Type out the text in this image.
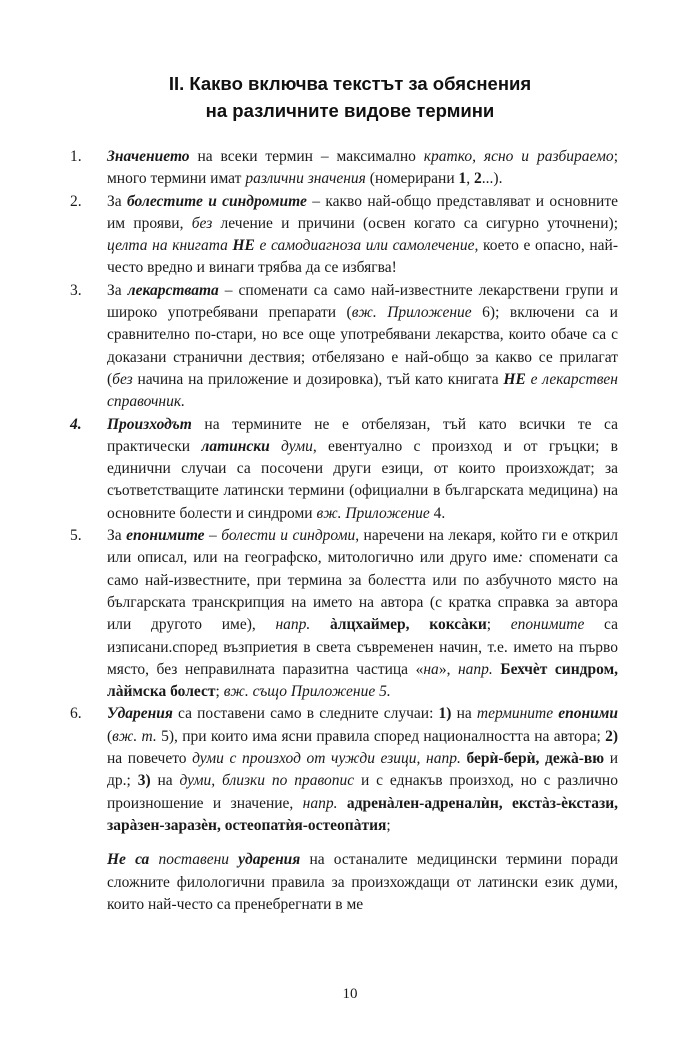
II. Какво включва текстът за обяснения
на различните видове термини
1.	Значението на всеки термин – максимално кратко, ясно и разбираемо; много термини имат различни значения (номерирани 1, 2...).
2.	За болестите и синдромите – какво най-общо представляват и основните им прояви, без лечение и причини (освен когато са сигурно уточнени); целта на книгата НЕ е самодиагноза или самолечение, което е опасно, най-често вредно и винаги трябва да се избягва!
3.	За лекарствата – споменати са само най-известните лекарствени групи и широко употребявани препарати (вж. Приложение 6); включени са и сравнително по-стари, но все още употребявани лекарства, които обаче са с доказани странични дествия; отбелязано е най-общо за какво се прилагат (без начина на приложение и дозировка), тъй като книгата НЕ е лекарствен справочник.
4.	Произходът на термините не е отбелязан, тъй като всички те са практически латински думи, евентуално с произход и от гръцки; в единични случаи са посочени други езици, от които произхождат; за съответстващите латински термини (официални в българската медицина) на основните болести и синдроми вж. Приложение 4.
5.	За епонимите – болести и синдроми, наречени на лекаря, който ги е открил или описал, или на географско, митологично или друго име: споменати са само най-известните, при термина за болестта или по азбучното място на българската транскрипция на името на автора (с кратка справка за автора или другото име), напр. àлцхаймер, коксàки; епонимите са изписани.според възприетия в света съвременен начин, т.е. името на първо място, без неправилната паразитна частица «на», напр. Бехчѐт синдром, лàймска болест; вж. също Приложение 5.
6.	Ударения са поставени само в следните случаи: 1) на термините епоними (вж. т. 5), при които има ясни правила според националността на автора; 2) на повечето думи с произход от чужди езици, напр. берѝ-берѝ, дежà-вю и др.; 3) на думи, близки по правопис и с еднакъв произход, но с различно произношение и значение, напр. адренàлен-адреналѝн, екстàз-ѐкстази, зарàзен-заразѐн, остеопатѝя-остеопàтия;
Не са поставени ударения на останалите медицински термини поради сложните филологични правила за произхождащи от латински език думи, които най-често са пренебрегнати в ме
10
